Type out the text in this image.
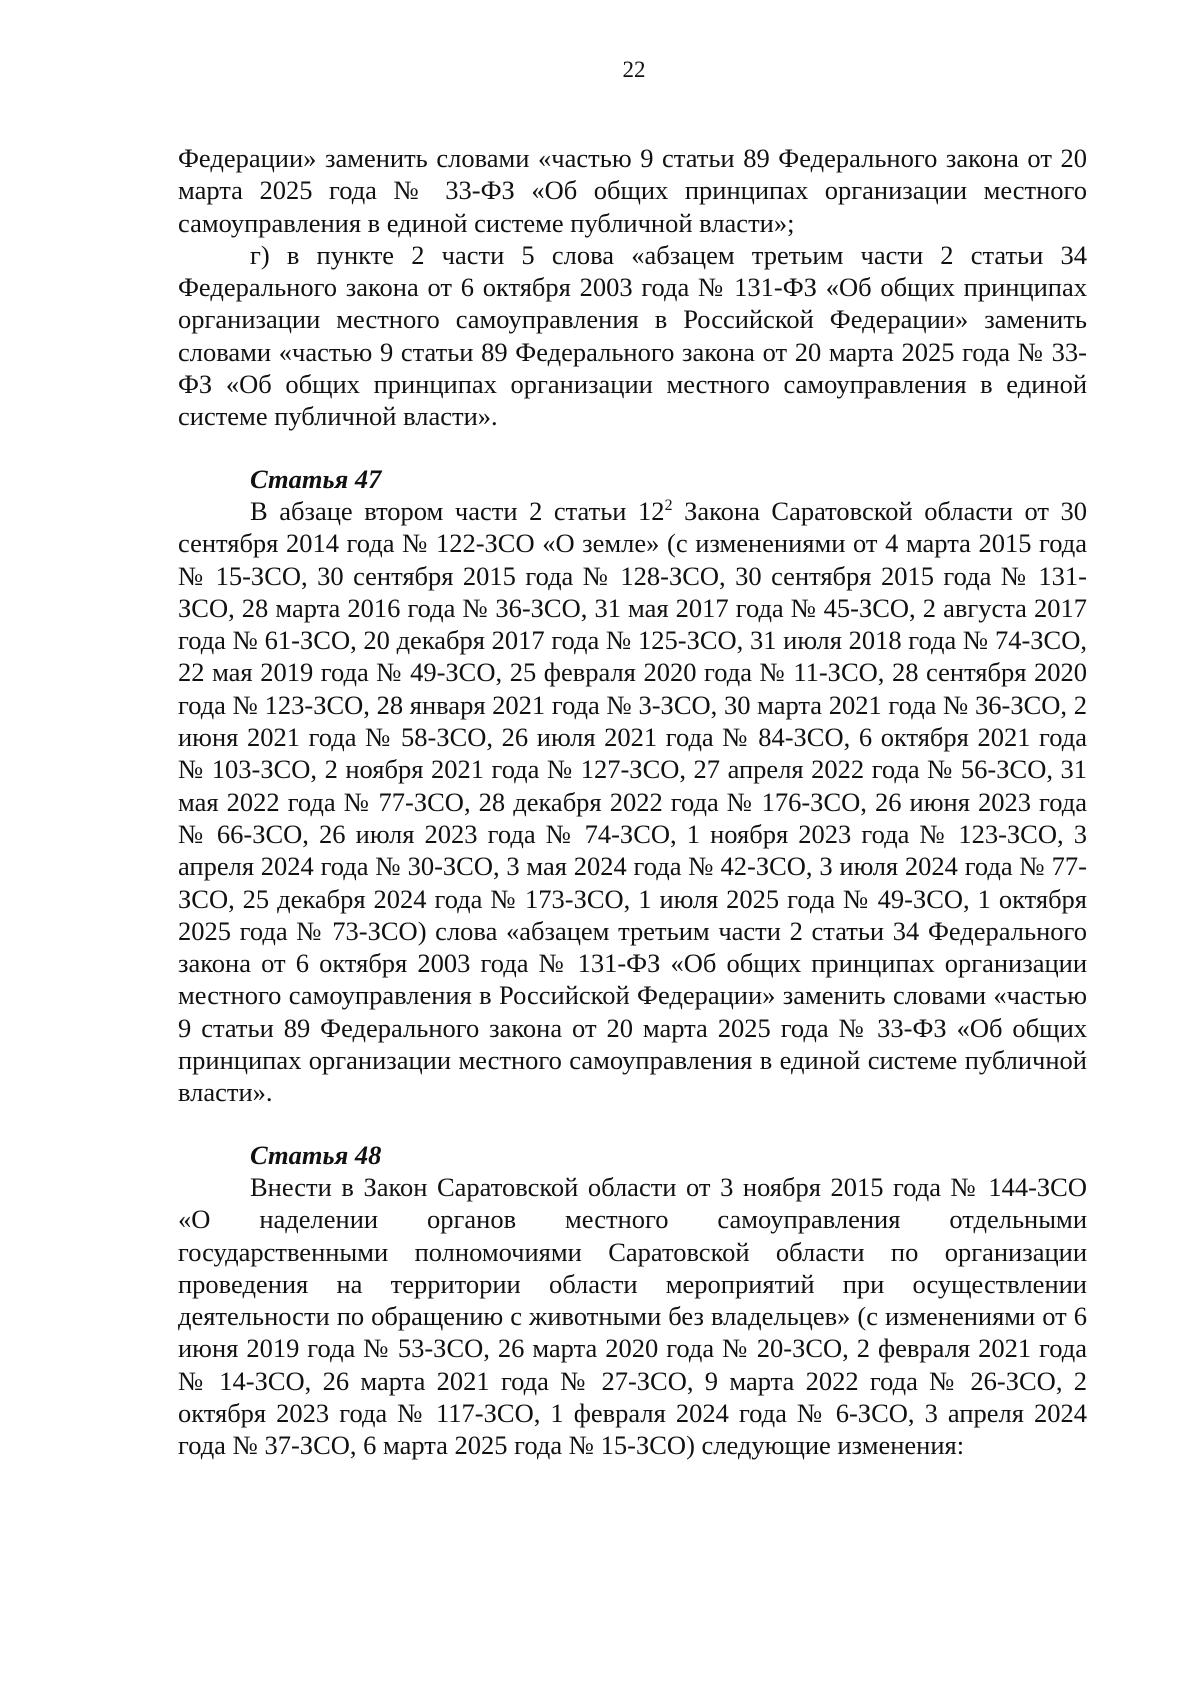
22

Федерации» заменить словами «частью 9 статьи 89 Федерального закона от 20 марта 2025 года № 33-ФЗ «Об общих принципах организации местного самоуправления в единой системе публичной власти»;

г) в пункте 2 части 5 слова «абзацем третьим части 2 статьи 34 Федерального закона от 6 октября 2003 года № 131-ФЗ «Об общих принципах организации местного самоуправления в Российской Федерации» заменить словами «частью 9 статьи 89 Федерального закона от 20 марта 2025 года № 33-ФЗ «Об общих принципах организации местного самоуправления в единой системе публичной власти».

Статья 47

В абзаце втором части 2 статьи $12^2$ Закона Саратовской области от 30 сентября 2014 года № 122-ЗСО «О земле» (с изменениями от 4 марта 2015 года № 15-ЗСО, 30 сентября 2015 года № 128-ЗСО, 30 сентября 2015 года № 131-ЗСО, 28 марта 2016 года № 36-ЗСО, 31 мая 2017 года № 45-ЗСО, 2 августа 2017 года № 61-ЗСО, 20 декабря 2017 года № 125-ЗСО, 31 июля 2018 года № 74-ЗСО, 22 мая 2019 года № 49-ЗСО, 25 февраля 2020 года № 11-ЗСО, 28 сентября 2020 года № 123-ЗСО, 28 января 2021 года № 3-ЗСО, 30 марта 2021 года № 36-ЗСО, 2 июня 2021 года № 58-ЗСО, 26 июля 2021 года № 84-ЗСО, 6 октября 2021 года № 103-ЗСО, 2 ноября 2021 года № 127-ЗСО, 27 апреля 2022 года № 56-ЗСО, 31 мая 2022 года № 77-ЗСО, 28 декабря 2022 года № 176-ЗСО, 26 июня 2023 года № 66-ЗСО, 26 июля 2023 года № 74-ЗСО, 1 ноября 2023 года № 123-ЗСО, 3 апреля 2024 года № 30-ЗСО, 3 мая 2024 года № 42-ЗСО, 3 июля 2024 года № 77-ЗСО, 25 декабря 2024 года № 173-ЗСО, 1 июля 2025 года № 49-ЗСО, 1 октября 2025 года № 73-ЗСО) слова «абзацем третьим части 2 статьи 34 Федерального закона от 6 октября 2003 года № 131-ФЗ «Об общих принципах организации местного самоуправления в Российской Федерации» заменить словами «частью 9 статьи 89 Федерального закона от 20 марта 2025 года № 33-ФЗ «Об общих принципах организации местного самоуправления в единой системе публичной власти».

Статья 48

Внести в Закон Саратовской области от 3 ноября 2015 года № 144-ЗСО «О наделении органов местного самоуправления отдельными государственными полномочиями Саратовской области по организации проведения на территории области мероприятий при осуществлении деятельности по обращению с животными без владельцев» (с изменениями от 6 июня 2019 года № 53-ЗСО, 26 марта 2020 года № 20-ЗСО, 2 февраля 2021 года № 14-ЗСО, 26 марта 2021 года № 27-ЗСО, 9 марта 2022 года № 26-ЗСО, 2 октября 2023 года № 117-ЗСО, 1 февраля 2024 года № 6-ЗСО, 3 апреля 2024 года № 37-ЗСО, 6 марта 2025 года № 15-ЗСО) следующие изменения:
